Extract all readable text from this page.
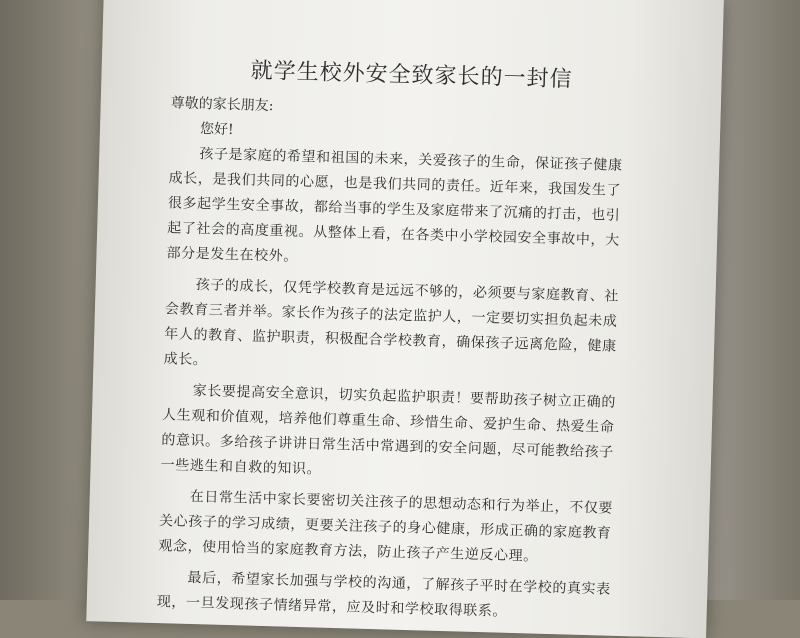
就学生校外安全致家长的一封信

尊敬的家长朋友:

您好!

孩子是家庭的希望和祖国的未来，关爱孩子的生命，保证孩子健康
成长，是我们共同的心愿，也是我们共同的责任。近年来，我国发生了
很多起学生安全事故，都给当事的学生及家庭带来了沉痛的打击，也引
起了社会的高度重视。从整体上看，在各类中小学校园安全事故中，大
部分是发生在校外。

孩子的成长，仅凭学校教育是远远不够的，必须要与家庭教育、社
会教育三者并举。家长作为孩子的法定监护人，一定要切实担负起未成
年人的教育、监护职责，积极配合学校教育，确保孩子远离危险，健康
成长。

家长要提高安全意识，切实负起监护职责！要帮助孩子树立正确的
人生观和价值观，培养他们尊重生命、珍惜生命、爱护生命、热爱生命
的意识。多给孩子讲讲日常生活中常遇到的安全问题，尽可能教给孩子
一些逃生和自救的知识。

在日常生活中家长要密切关注孩子的思想动态和行为举止，不仅要
关心孩子的学习成绩，更要关注孩子的身心健康，形成正确的家庭教育
观念，使用恰当的家庭教育方法，防止孩子产生逆反心理。

最后，希望家长加强与学校的沟通，了解孩子平时在学校的真实表
现，一旦发现孩子情绪异常，应及时和学校取得联系。
